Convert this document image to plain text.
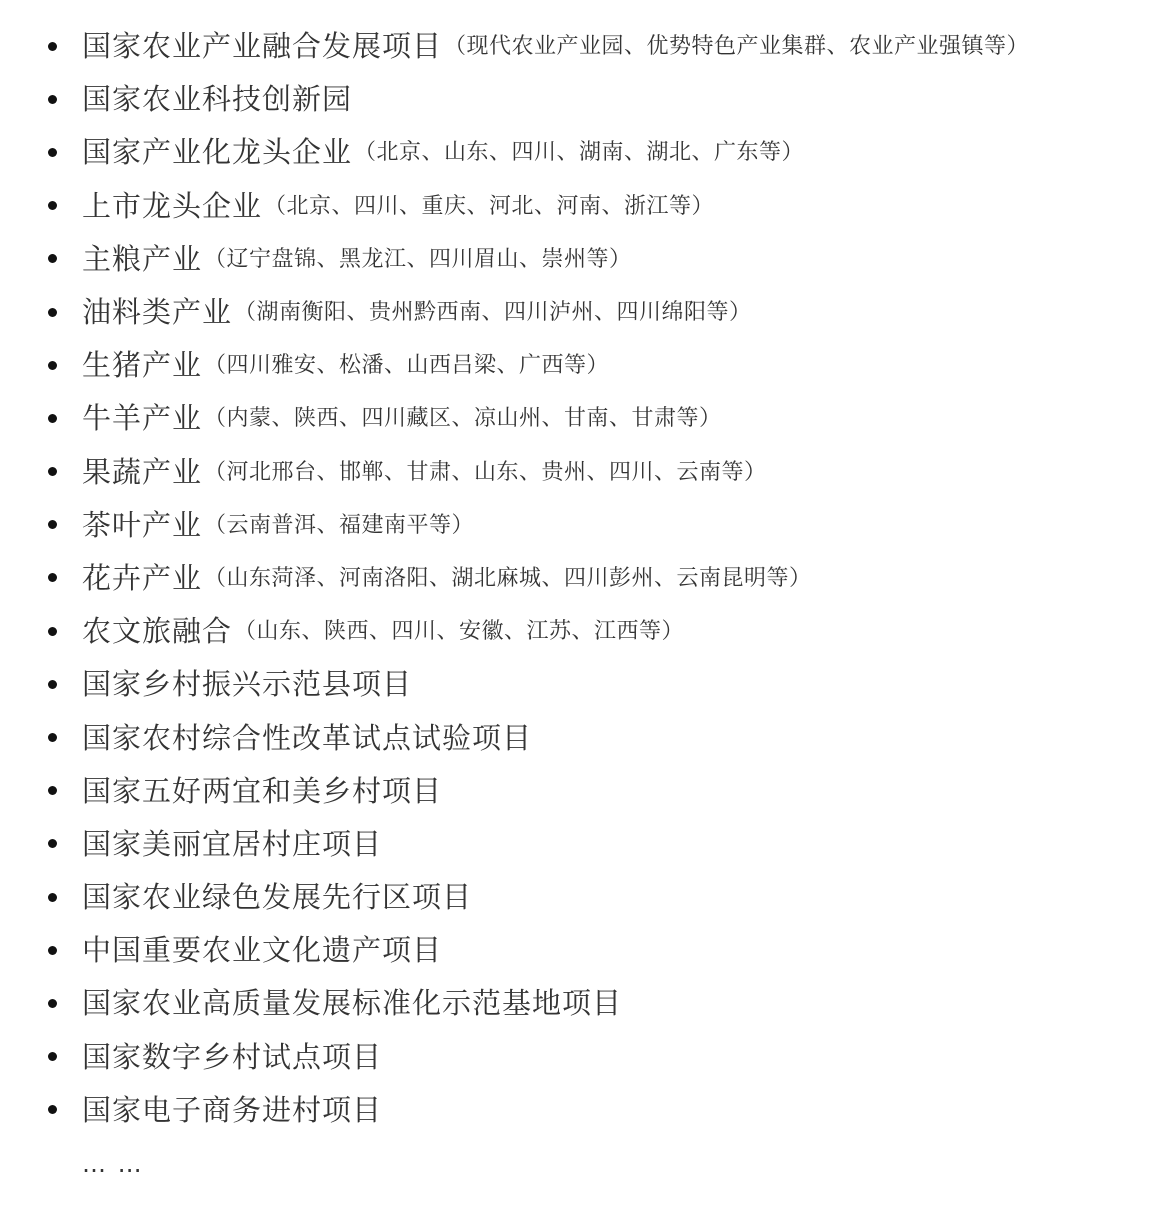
国家农业产业融合发展项目 （现代农业产业园、优势特色产业集群、农业产业强镇等）
国家农业科技创新园
国家产业化龙头企业 （北京、山东、四川、湖南、湖北、广东等）
上市龙头企业 （北京、四川、重庆、河北、河南、浙江等）
主粮产业 （辽宁盘锦、黑龙江、四川眉山、崇州等）
油料类产业 （湖南衡阳、贵州黔西南、四川泸州、四川绵阳等）
生猪产业 （四川雅安、松潘、山西吕梁、广西等）
牛羊产业 （内蒙、陕西、四川藏区、凉山州、甘南、甘肃等）
果蔬产业 （河北邢台、邯郸、甘肃、山东、贵州、四川、云南等）
茶叶产业 （云南普洱、福建南平等）
花卉产业 （山东菏泽、河南洛阳、湖北麻城、四川彭州、云南昆明等）
农文旅融合 （山东、陕西、四川、安徽、江苏、江西等）
国家乡村振兴示范县项目
国家农村综合性改革试点试验项目
国家五好两宜和美乡村项目
国家美丽宜居村庄项目
国家农业绿色发展先行区项目
中国重要农业文化遗产项目
国家农业高质量发展标准化示范基地项目
国家数字乡村试点项目
国家电子商务进村项目
… …
